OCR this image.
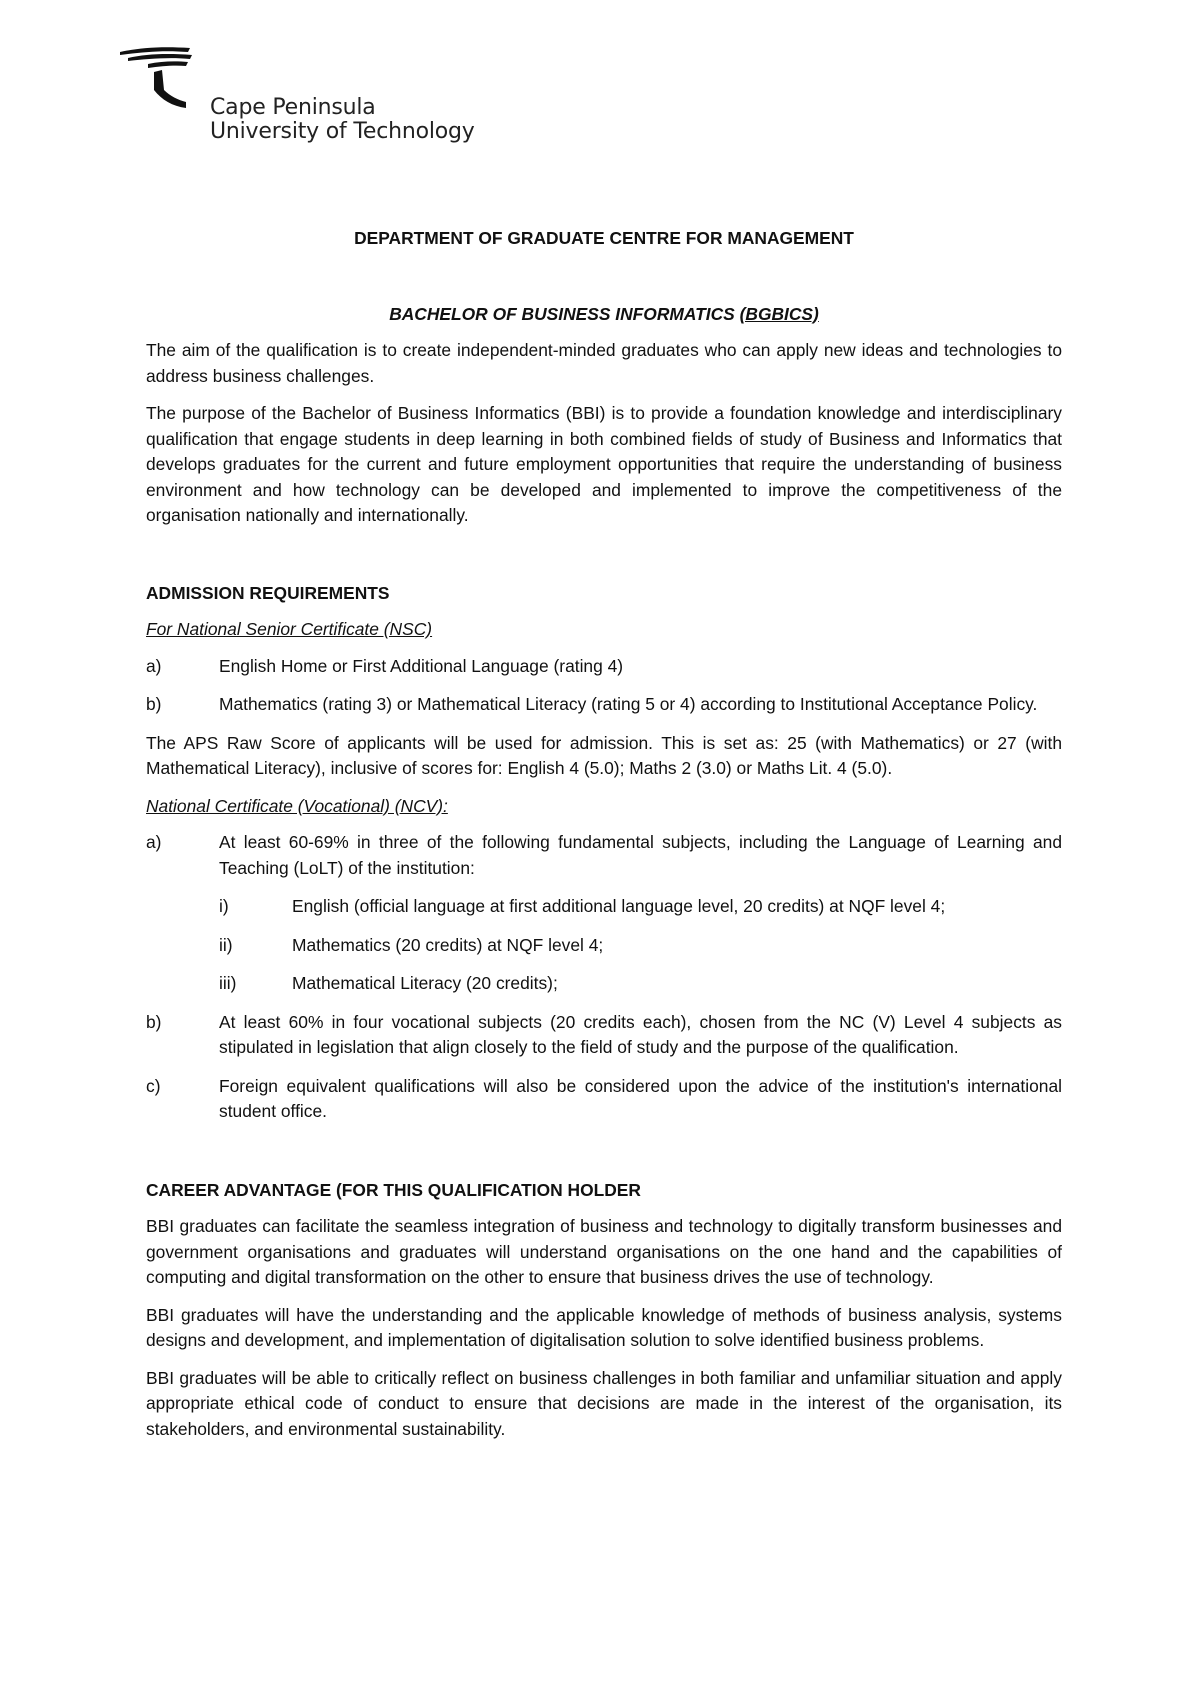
Cape Peninsula
University of Technology
DEPARTMENT OF GRADUATE CENTRE FOR MANAGEMENT
BACHELOR OF BUSINESS INFORMATICS (BGBICS)

The aim of the qualification is to create independent-minded graduates who can apply new ideas and technologies to address business challenges.

The purpose of the Bachelor of Business Informatics (BBI) is to provide a foundation knowledge and interdisciplinary qualification that engage students in deep learning in both combined fields of study of Business and Informatics that develops graduates for the current and future employment opportunities that require the understanding of business environment and how technology can be developed and implemented to improve the competitiveness of the organisation nationally and internationally.

ADMISSION REQUIREMENTS
For National Senior Certificate (NSC)
a)	English Home or First Additional Language (rating 4)
b)	Mathematics (rating 3) or Mathematical Literacy (rating 5 or 4) according to Institutional Acceptance Policy.

The APS Raw Score of applicants will be used for admission. This is set as: 25 (with Mathematics) or 27 (with Mathematical Literacy), inclusive of scores for: English 4 (5.0); Maths 2 (3.0) or Maths Lit. 4 (5.0).

National Certificate (Vocational) (NCV):
a)	At least 60-69% in three of the following fundamental subjects, including the Language of Learning and Teaching (LoLT) of the institution:
i)	English (official language at first additional language level, 20 credits) at NQF level 4;
ii)	Mathematics (20 credits) at NQF level 4;
iii)	Mathematical Literacy (20 credits);
b)	At least 60% in four vocational subjects (20 credits each), chosen from the NC (V) Level 4 subjects as stipulated in legislation that align closely to the field of study and the purpose of the qualification.
c)	Foreign equivalent qualifications will also be considered upon the advice of the institution's international student office.
CAREER ADVANTAGE (FOR THIS QUALIFICATION HOLDER

BBI graduates can facilitate the seamless integration of business and technology to digitally transform businesses and government organisations and graduates will understand organisations on the one hand and the capabilities of computing and digital transformation on the other to ensure that business drives the use of technology.

BBI graduates will have the understanding and the applicable knowledge of methods of business analysis, systems designs and development, and implementation of digitalisation solution to solve identified business problems.

BBI graduates will be able to critically reflect on business challenges in both familiar and unfamiliar situation and apply appropriate ethical code of conduct to ensure that decisions are made in the interest of the organisation, its stakeholders, and environmental sustainability.
